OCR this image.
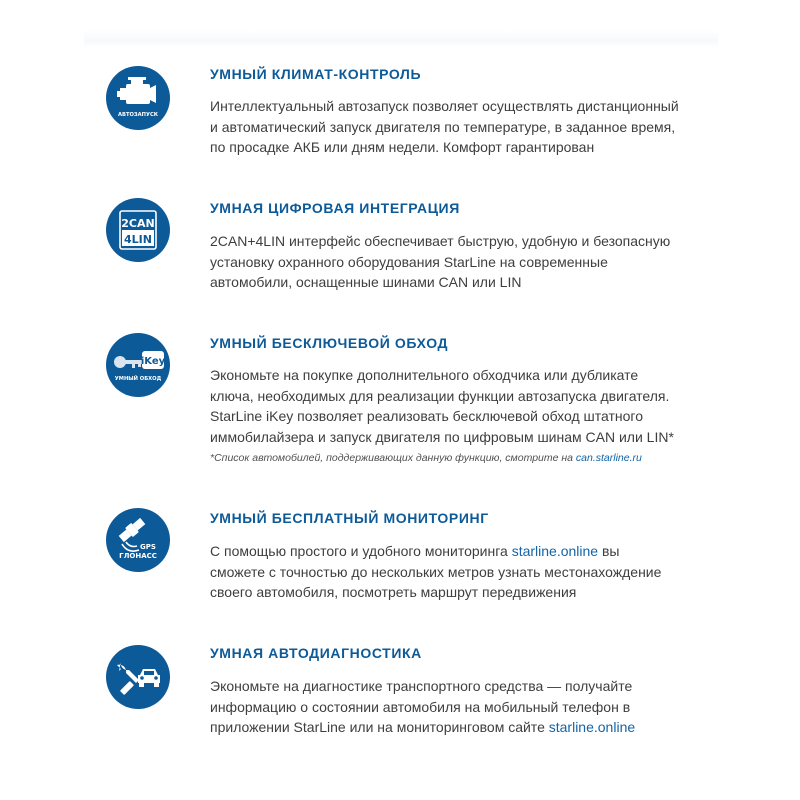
АВТОЗАПУСК
УМНЫЙ КЛИМАТ-КОНТРОЛЬ

Интеллектуальный автозапуск позволяет осуществлять дистанционный
и автоматический запуск двигателя по температуре, в заданное время,
по просадке АКБ или дням недели. Комфорт гарантирован

2CAN
4LIN
УМНАЯ ЦИФРОВАЯ ИНТЕГРАЦИЯ

2CAN+4LIN интерфейс обеспечивает быструю, удобную и безопасную
установку охранного оборудования StarLine на современные
автомобили, оснащенные шинами CAN или LIN

iKey
УМНЫЙ ОБХОД
УМНЫЙ БЕСКЛЮЧЕВОЙ ОБХОД

Экономьте на покупке дополнительного обходчика или дубликате
ключа, необходимых для реализации функции автозапуска двигателя.
StarLine iKey позволяет реализовать бесключевой обход штатного
иммобилайзера и запуск двигателя по цифровым шинам CAN или LIN*

*Список автомобилей, поддерживающих данную функцию, смотрите на can.starline.ru
GPS
ГЛОНАСС
УМНЫЙ БЕСПЛАТНЫЙ МОНИТОРИНГ

С помощью простого и удобного мониторинга starline.online вы
сможете с точностью до нескольких метров узнать местонахождение
своего автомобиля, посмотреть маршрут передвижения

УМНАЯ АВТОДИАГНОСТИКА

Экономьте на диагностике транспортного средства — получайте
информацию о состоянии автомобиля на мобильный телефон в
приложении StarLine или на мониторинговом сайте starline.online
